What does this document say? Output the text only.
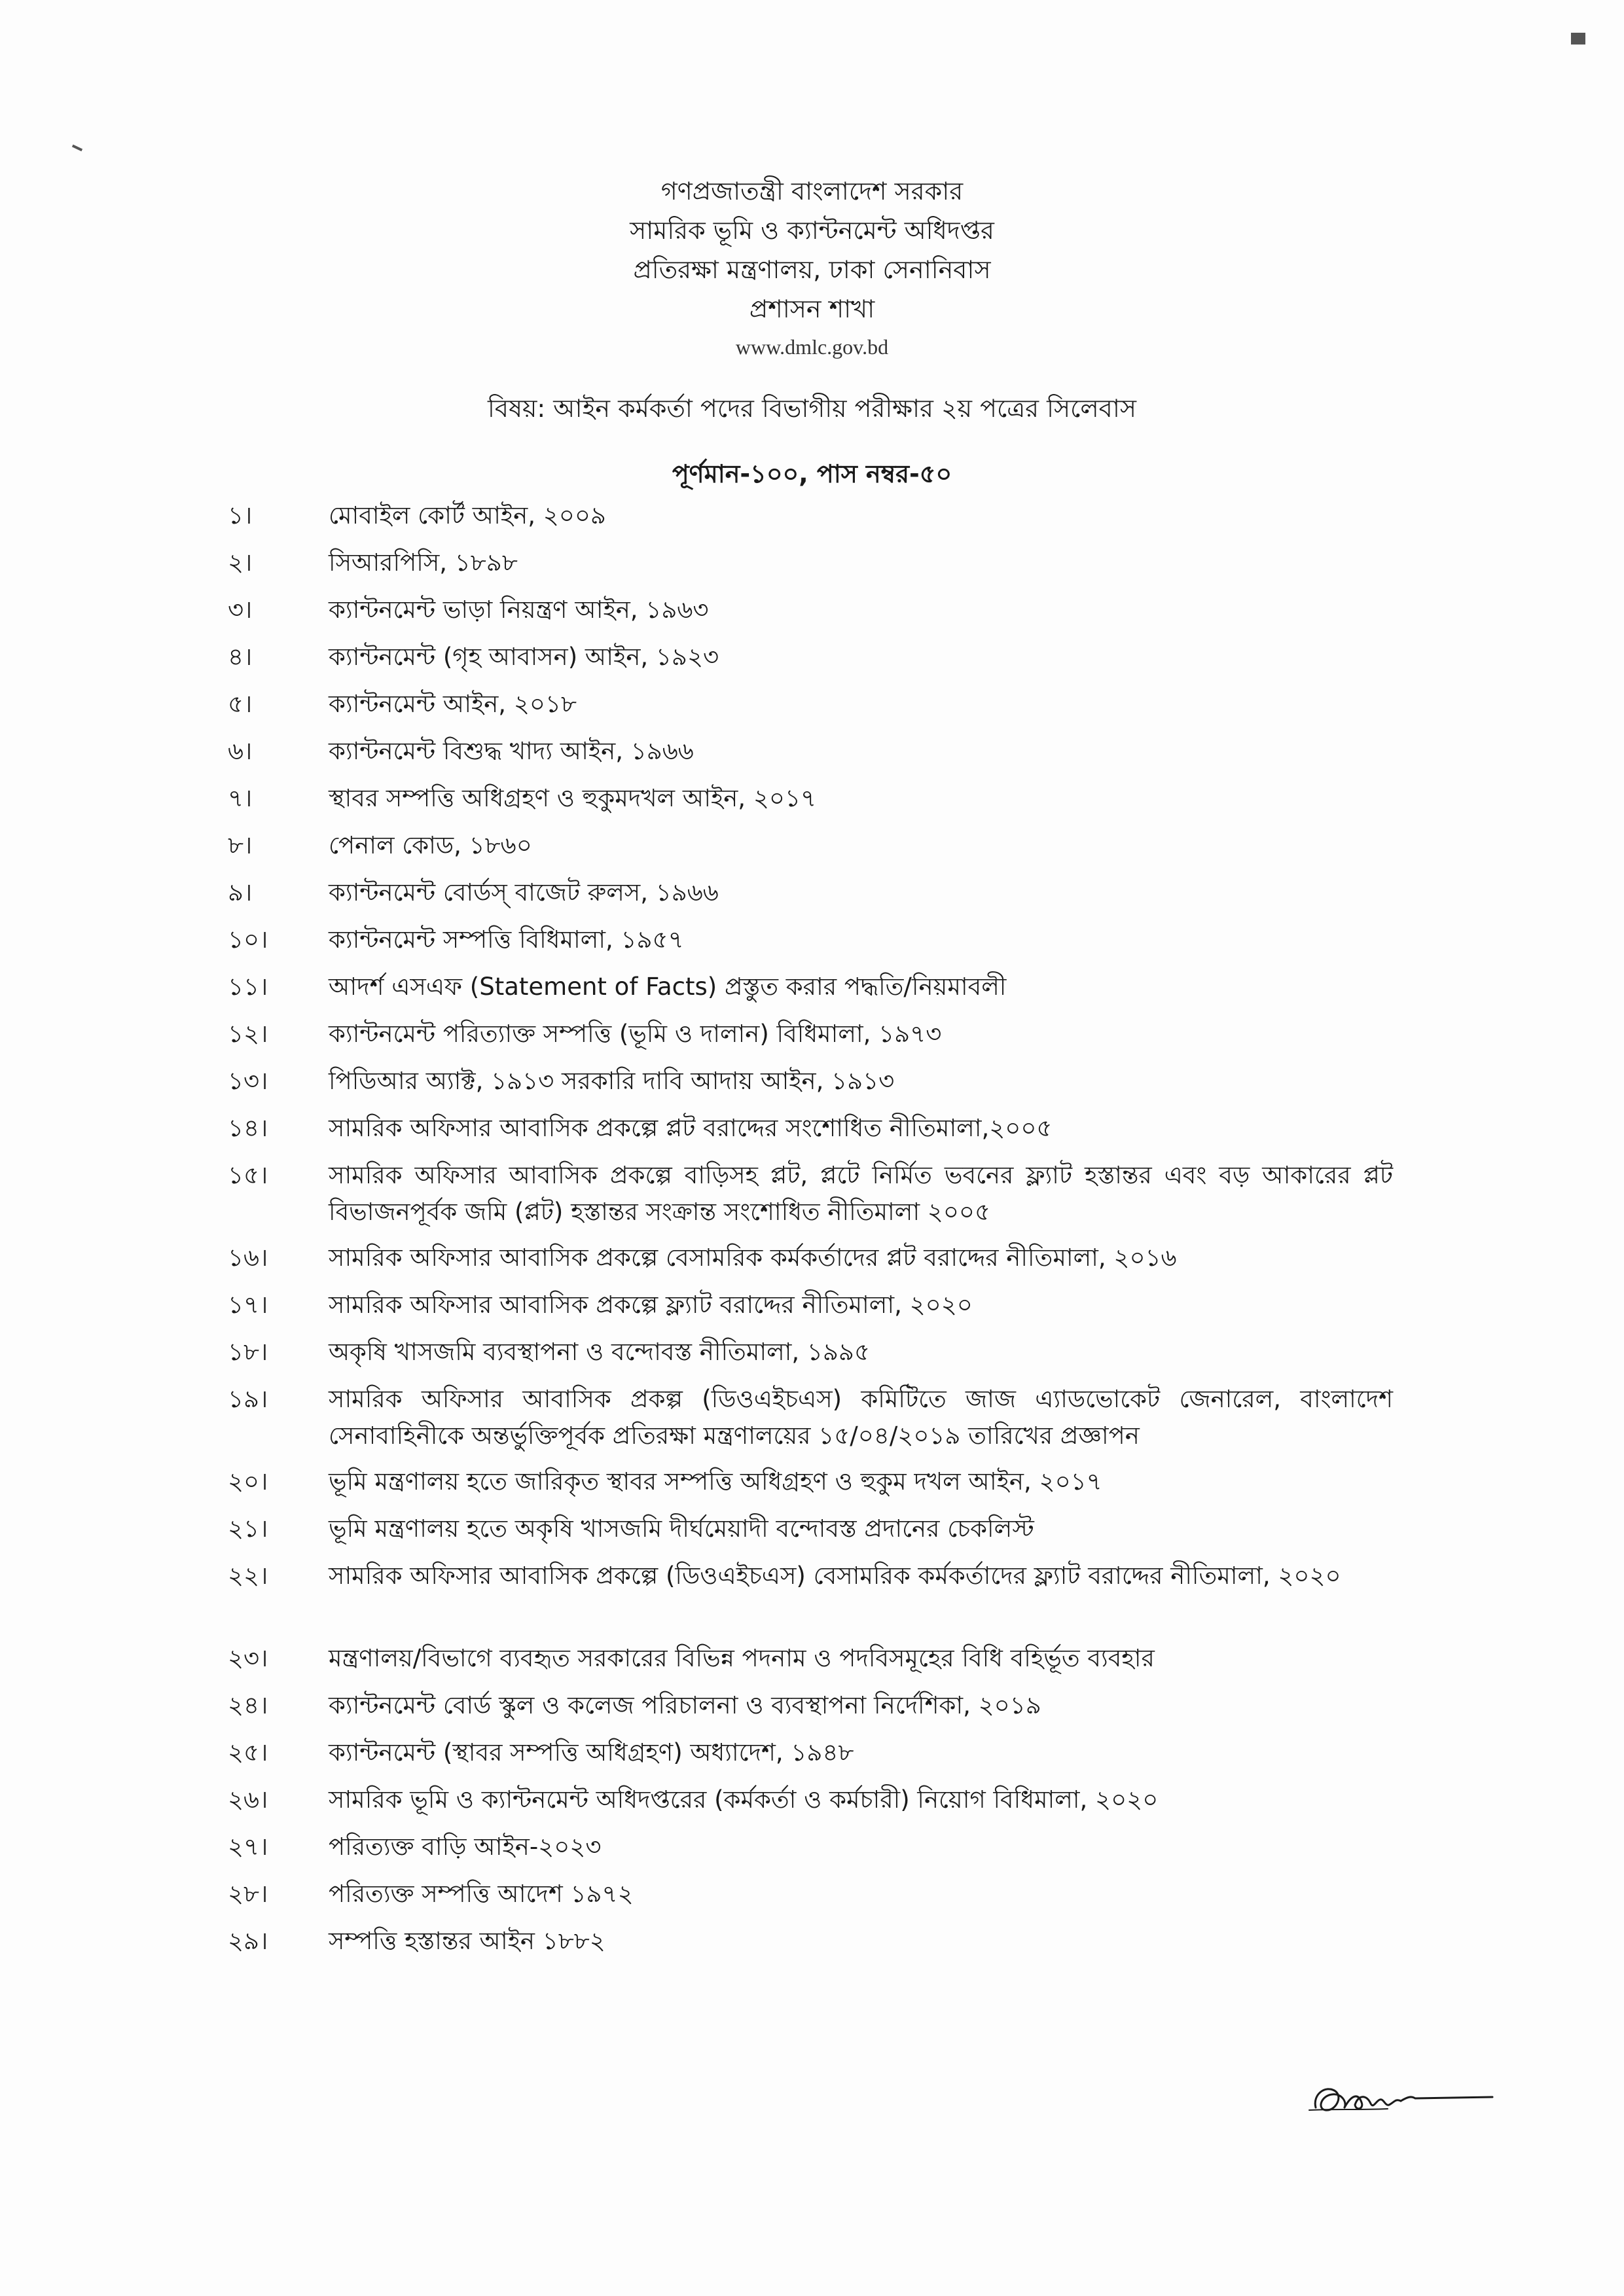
গণপ্রজাতন্ত্রী বাংলাদেশ সরকার
সামরিক ভূমি ও ক্যান্টনমেন্ট অধিদপ্তর
প্রতিরক্ষা মন্ত্রণালয়, ঢাকা সেনানিবাস
প্রশাসন শাখা
www.dmlc.gov.bd
বিষয়: আইন কর্মকর্তা পদের বিভাগীয় পরীক্ষার ২য় পত্রের সিলেবাস
পূর্ণমান-১০০, পাস নম্বর-৫০
১।	মোবাইল কোর্ট আইন, ২০০৯
২।	সিআরপিসি, ১৮৯৮
৩।	ক্যান্টনমেন্ট ভাড়া নিয়ন্ত্রণ আইন, ১৯৬৩
৪।	ক্যান্টনমেন্ট (গৃহ আবাসন) আইন, ১৯২৩
৫।	ক্যান্টনমেন্ট আইন, ২০১৮
৬।	ক্যান্টনমেন্ট বিশুদ্ধ খাদ্য আইন, ১৯৬৬
৭।	স্থাবর সম্পত্তি অধিগ্রহণ ও হুকুমদখল আইন, ২০১৭
৮।	পেনাল কোড, ১৮৬০
৯।	ক্যান্টনমেন্ট বোর্ডস্ বাজেট রুলস, ১৯৬৬
১০।	ক্যান্টনমেন্ট সম্পত্তি বিধিমালা, ১৯৫৭
১১।	আদর্শ এসএফ (Statement of Facts) প্রস্তুত করার পদ্ধতি/নিয়মাবলী
১২।	ক্যান্টনমেন্ট পরিত্যাক্ত সম্পত্তি (ভূমি ও দালান) বিধিমালা, ১৯৭৩
১৩।	পিডিআর অ্যাক্ট, ১৯১৩ সরকারি দাবি আদায় আইন, ১৯১৩
১৪।	সামরিক অফিসার আবাসিক প্রকল্পে প্লট বরাদ্দের সংশোধিত নীতিমালা,২০০৫
১৫।	সামরিক অফিসার আবাসিক প্রকল্পে বাড়িসহ প্লট, প্লটে নির্মিত ভবনের ফ্ল্যাট হস্তান্তর এবং বড় আকারের প্লট বিভাজনপূর্বক জমি (প্লট) হস্তান্তর সংক্রান্ত সংশোধিত নীতিমালা ২০০৫
১৬।	সামরিক অফিসার আবাসিক প্রকল্পে বেসামরিক কর্মকর্তাদের প্লট বরাদ্দের নীতিমালা, ২০১৬
১৭।	সামরিক অফিসার আবাসিক প্রকল্পে ফ্ল্যাট বরাদ্দের নীতিমালা, ২০২০
১৮।	অকৃষি খাসজমি ব্যবস্থাপনা ও বন্দোবস্ত নীতিমালা, ১৯৯৫
১৯।	সামরিক অফিসার আবাসিক প্রকল্প (ডিওএইচএস) কমিটিতে জাজ এ্যাডভোকেট জেনারেল, বাংলাদেশ সেনাবাহিনীকে অন্তর্ভুক্তিপূর্বক প্রতিরক্ষা মন্ত্রণালয়ের ১৫/০৪/২০১৯ তারিখের প্রজ্ঞাপন
২০।	ভূমি মন্ত্রণালয় হতে জারিকৃত স্থাবর সম্পত্তি অধিগ্রহণ ও হুকুম দখল আইন, ২০১৭
২১।	ভূমি মন্ত্রণালয় হতে অকৃষি খাসজমি দীর্ঘমেয়াদী বন্দোবস্ত প্রদানের চেকলিস্ট
২২।	সামরিক অফিসার আবাসিক প্রকল্পে (ডিওএইচএস) বেসামরিক কর্মকর্তাদের ফ্ল্যাট বরাদ্দের নীতিমালা, ২০২০
২৩।	মন্ত্রণালয়/বিভাগে ব্যবহৃত সরকারের বিভিন্ন পদনাম ও পদবিসমূহের বিধি বহির্ভূত ব্যবহার
২৪।	ক্যান্টনমেন্ট বোর্ড স্কুল ও কলেজ পরিচালনা ও ব্যবস্থাপনা নির্দেশিকা, ২০১৯
২৫।	ক্যান্টনমেন্ট (স্থাবর সম্পত্তি অধিগ্রহণ) অধ্যাদেশ, ১৯৪৮
২৬।	সামরিক ভূমি ও ক্যান্টনমেন্ট অধিদপ্তরের (কর্মকর্তা ও কর্মচারী) নিয়োগ বিধিমালা, ২০২০
২৭।	পরিত্যক্ত বাড়ি আইন-২০২৩
২৮।	পরিত্যক্ত সম্পত্তি আদেশ ১৯৭২
২৯।	সম্পত্তি হস্তান্তর আইন ১৮৮২
